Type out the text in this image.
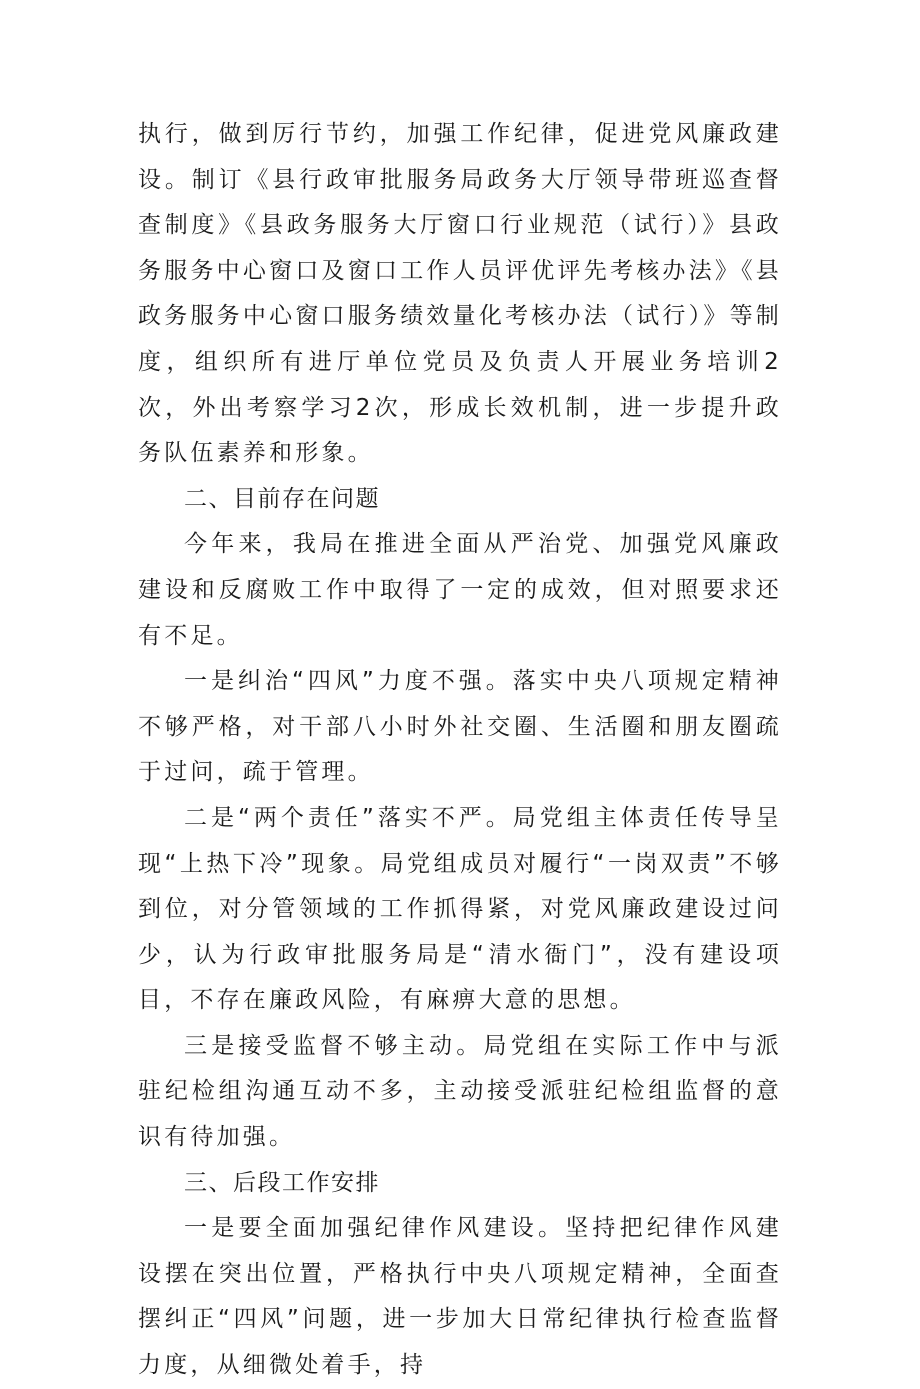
执行，做到厉行节约，加强工作纪律，促进党风廉政建设。制订《县行政审批服务局政务大厅领导带班巡查督查制度》《县政务服务大厅窗口行业规范（试行）》县政务服务中心窗口及窗口工作人员评优评先考核办法》《县政务服务中心窗口服务绩效量化考核办法（试行）》等制度，组织所有进厅单位党员及负责人开展业务培训2次，外出考察学习2次，形成长效机制，进一步提升政务队伍素养和形象。

二、目前存在问题

今年来，我局在推进全面从严治党、加强党风廉政建设和反腐败工作中取得了一定的成效，但对照要求还有不足。

一是纠治“四风”力度不强。落实中央八项规定精神不够严格，对干部八小时外社交圈、生活圈和朋友圈疏于过问，疏于管理。

二是“两个责任”落实不严。局党组主体责任传导呈现“上热下冷”现象。局党组成员对履行“一岗双责”不够到位，对分管领域的工作抓得紧，对党风廉政建设过问少，认为行政审批服务局是“清水衙门”，没有建设项目，不存在廉政风险，有麻痹大意的思想。

三是接受监督不够主动。局党组在实际工作中与派驻纪检组沟通互动不多，主动接受派驻纪检组监督的意识有待加强。

三、后段工作安排

一是要全面加强纪律作风建设。坚持把纪律作风建设摆在突出位置，严格执行中央八项规定精神，全面查摆纠正“四风”问题，进一步加大日常纪律执行检查监督力度，从细微处着手，持
